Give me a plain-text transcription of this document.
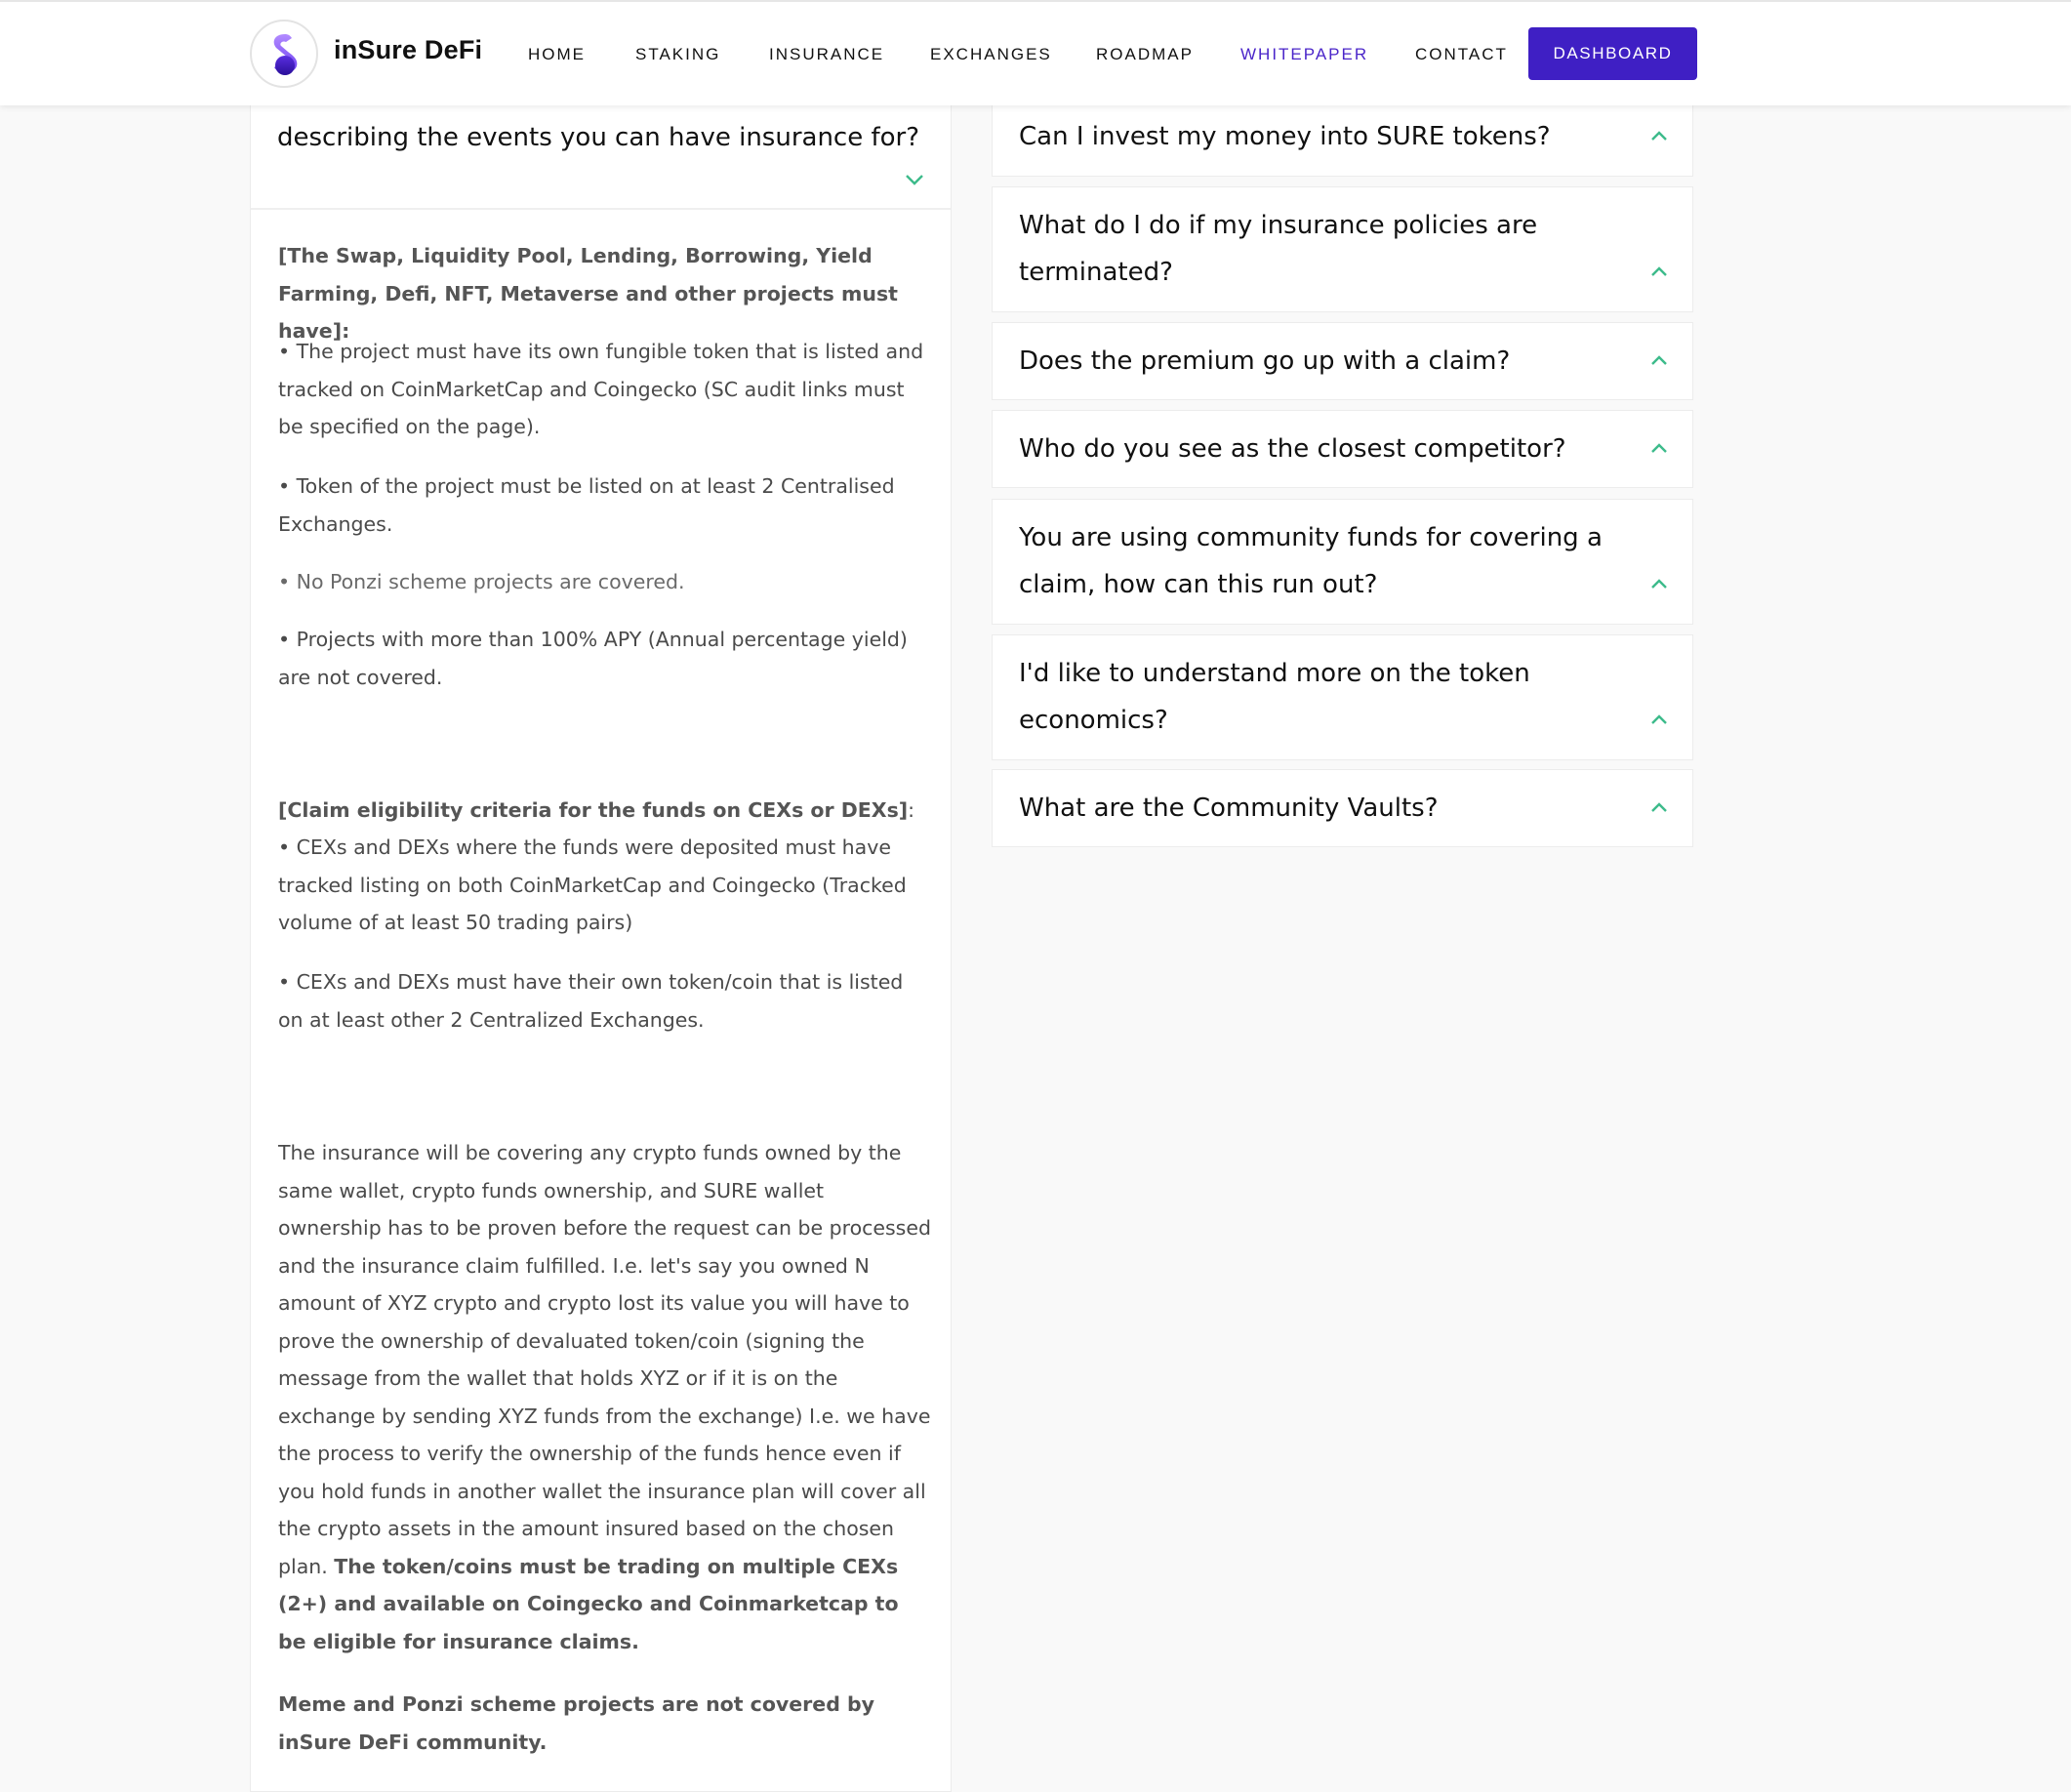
inSure DeFi	HOME	STAKING	INSURANCE	EXCHANGES	ROADMAP	WHITEPAPER	CONTACT	DASHBOARD
describing the events you can have insurance for?
[The Swap, Liquidity Pool, Lending, Borrowing, Yield Farming, Defi, NFT, Metaverse and other projects must have]:
• The project must have its own fungible token that is listed and tracked on CoinMarketCap and Coingecko (SC audit links must be specified on the page).
• Token of the project must be listed on at least 2 Centralised Exchanges.
• No Ponzi scheme projects are covered.
• Projects with more than 100% APY (Annual percentage yield) are not covered.
[Claim eligibility criteria for the funds on CEXs or DEXs]:
• CEXs and DEXs where the funds were deposited must have tracked listing on both CoinMarketCap and Coingecko (Tracked volume of at least 50 trading pairs)
• CEXs and DEXs must have their own token/coin that is listed on at least other 2 Centralized Exchanges.
The insurance will be covering any crypto funds owned by the same wallet, crypto funds ownership, and SURE wallet ownership has to be proven before the request can be processed and the insurance claim fulfilled. I.e. let's say you owned N amount of XYZ crypto and crypto lost its value you will have to prove the ownership of devaluated token/coin (signing the message from the wallet that holds XYZ or if it is on the exchange by sending XYZ funds from the exchange) I.e. we have the process to verify the ownership of the funds hence even if you hold funds in another wallet the insurance plan will cover all the crypto assets in the amount insured based on the chosen plan. The token/coins must be trading on multiple CEXs (2+) and available on Coingecko and Coinmarketcap to be eligible for insurance claims.
Meme and Ponzi scheme projects are not covered by inSure DeFi community.
Can I invest my money into SURE tokens?
What do I do if my insurance policies are terminated?
Does the premium go up with a claim?
Who do you see as the closest competitor?
You are using community funds for covering a claim, how can this run out?
I'd like to understand more on the token economics?
What are the Community Vaults?
